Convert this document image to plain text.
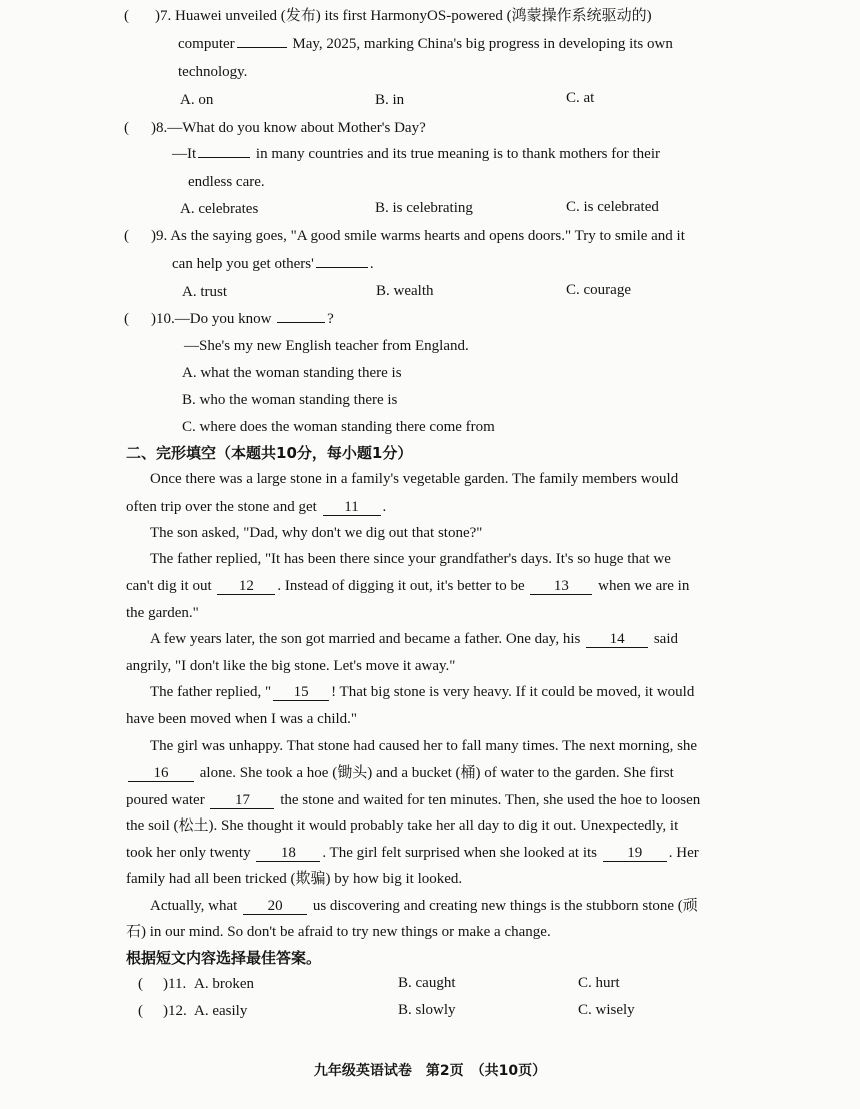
( )7. Huawei unveiled (发布) its first HarmonyOS-powered (鸿蒙操作系统驱动的)
computer	May, 2025, marking China's big progress in developing its own
technology.
A. on	B. in	C. at
( )8.—What do you know about Mother's Day?
—It	in many countries and its true meaning is to thank mothers for their
endless care.
A. celebrates	B. is celebrating	C. is celebrated
( )9. As the saying goes, "A good smile warms hearts and opens doors." Try to smile and it
can help you get others'	.
A. trust	B. wealth	C. courage
( )10.—Do you know	?
—She's my new English teacher from England.
A. what the woman standing there is
B. who the woman standing there is
C. where does the woman standing there come from
二、完形填空（本题共10分，每小题1分）
Once there was a large stone in a family's vegetable garden. The family members would
often trip over the stone and get 11 .
The son asked, "Dad, why don't we dig out that stone?"
The father replied, "It has been there since your grandfather's days. It's so huge that we
can't dig it out 12 . Instead of digging it out, it's better to be 13 when we are in
the garden."
A few years later, the son got married and became a father. One day, his 14 said
angrily, "I don't like the big stone. Let's move it away."
The father replied, " 15 ! That big stone is very heavy. If it could be moved, it would
have been moved when I was a child."
The girl was unhappy. That stone had caused her to fall many times. The next morning, she
16 alone. She took a hoe (锄头) and a bucket (桶) of water to the garden. She first
poured water 17 the stone and waited for ten minutes. Then, she used the hoe to loosen
the soil (松土). She thought it would probably take her all day to dig it out. Unexpectedly, it
took her only twenty 18 . The girl felt surprised when she looked at its 19 . Her
family had all been tricked (欺骗) by how big it looked.
Actually, what 20 us discovering and creating new things is the stubborn stone (顽
石) in our mind. So don't be afraid to try new things or make a change.
根据短文内容选择最佳答案。
( )11. A. broken	B. caught	C. hurt
( )12. A. easily	B. slowly	C. wisely
九年级英语试卷　第2页　（共10页）
